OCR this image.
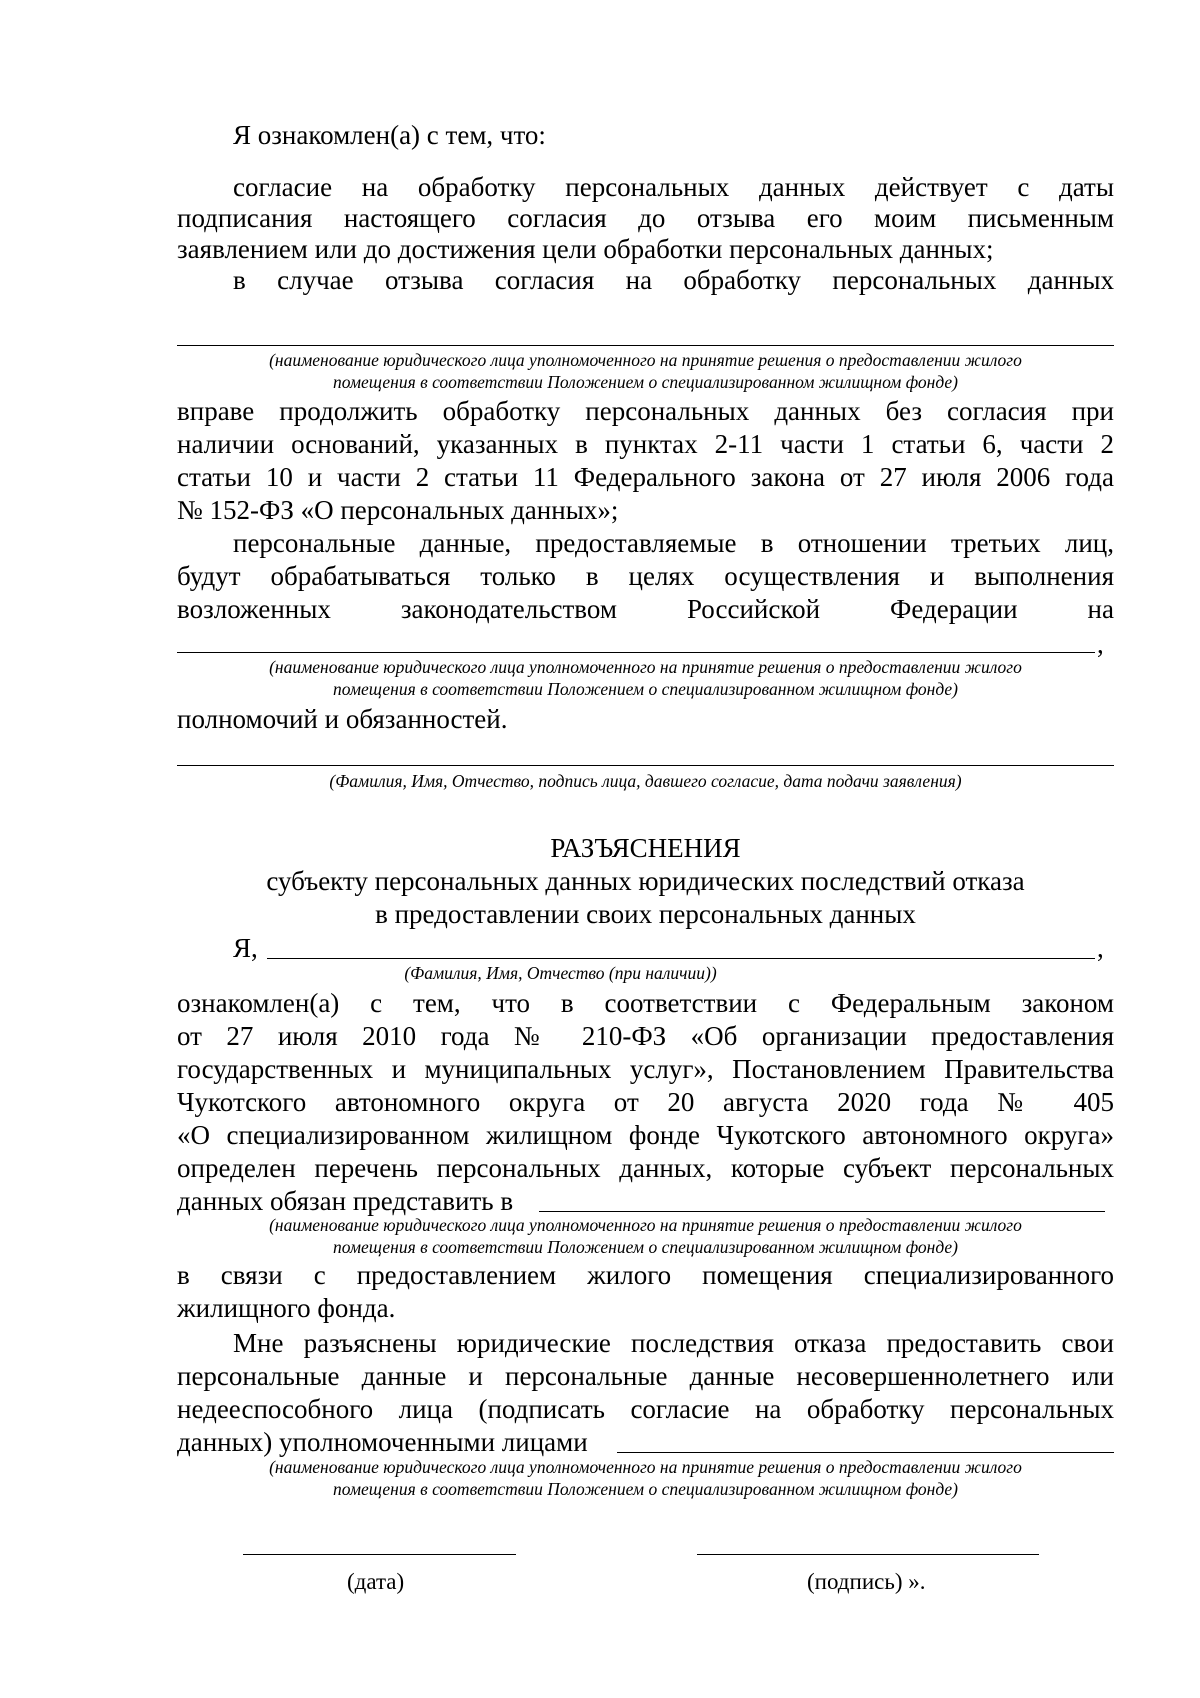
Я ознакомлен(а) с тем, что:
согласие на обработку персональных данных действует с даты
подписания настоящего согласия до отзыва его моим письменным
заявлением или до достижения цели обработки персональных данных;
в случае отзыва согласия на обработку персональных данных
(наименование юридического лица уполномоченного на принятие решения о предоставлении жилого
помещения в соответствии Положением о специализированном жилищном фонде)
вправе продолжить обработку персональных данных без согласия при
наличии оснований, указанных в пунктах 2-11 части 1 статьи 6, части 2
статьи 10 и части 2 статьи 11 Федерального закона от 27 июля 2006 года
№ 152-ФЗ «О персональных данных»;
персональные данные, предоставляемые в отношении третьих лиц,
будут обрабатываться только в целях осуществления и выполнения
возложенных законодательством Российской Федерации на
,
(наименование юридического лица уполномоченного на принятие решения о предоставлении жилого
помещения в соответствии Положением о специализированном жилищном фонде)
полномочий и обязанностей.
(Фамилия, Имя, Отчество, подпись лица, давшего согласие, дата подачи заявления)
РАЗЪЯСНЕНИЯ
субъекту персональных данных юридических последствий отказа
в предоставлении своих персональных данных
Я,	,
(Фамилия, Имя, Отчество (при наличии))
ознакомлен(а) с тем, что в соответствии с Федеральным законом
от 27 июля 2010 года № 210-ФЗ «Об организации предоставления
государственных и муниципальных услуг», Постановлением Правительства
Чукотского автономного округа от 20 августа 2020 года № 405
«О специализированном жилищном фонде Чукотского автономного округа»
определен перечень персональных данных, которые субъект персональных
данных обязан представить в
(наименование юридического лица уполномоченного на принятие решения о предоставлении жилого
помещения в соответствии Положением о специализированном жилищном фонде)
в связи с предоставлением жилого помещения специализированного
жилищного фонда.
Мне разъяснены юридические последствия отказа предоставить свои
персональные данные и персональные данные несовершеннолетнего или
недееспособного лица (подписать согласие на обработку персональных
данных) уполномоченными лицами
(наименование юридического лица уполномоченного на принятие решения о предоставлении жилого
помещения в соответствии Положением о специализированном жилищном фонде)
(дата)	(подпись) ».
